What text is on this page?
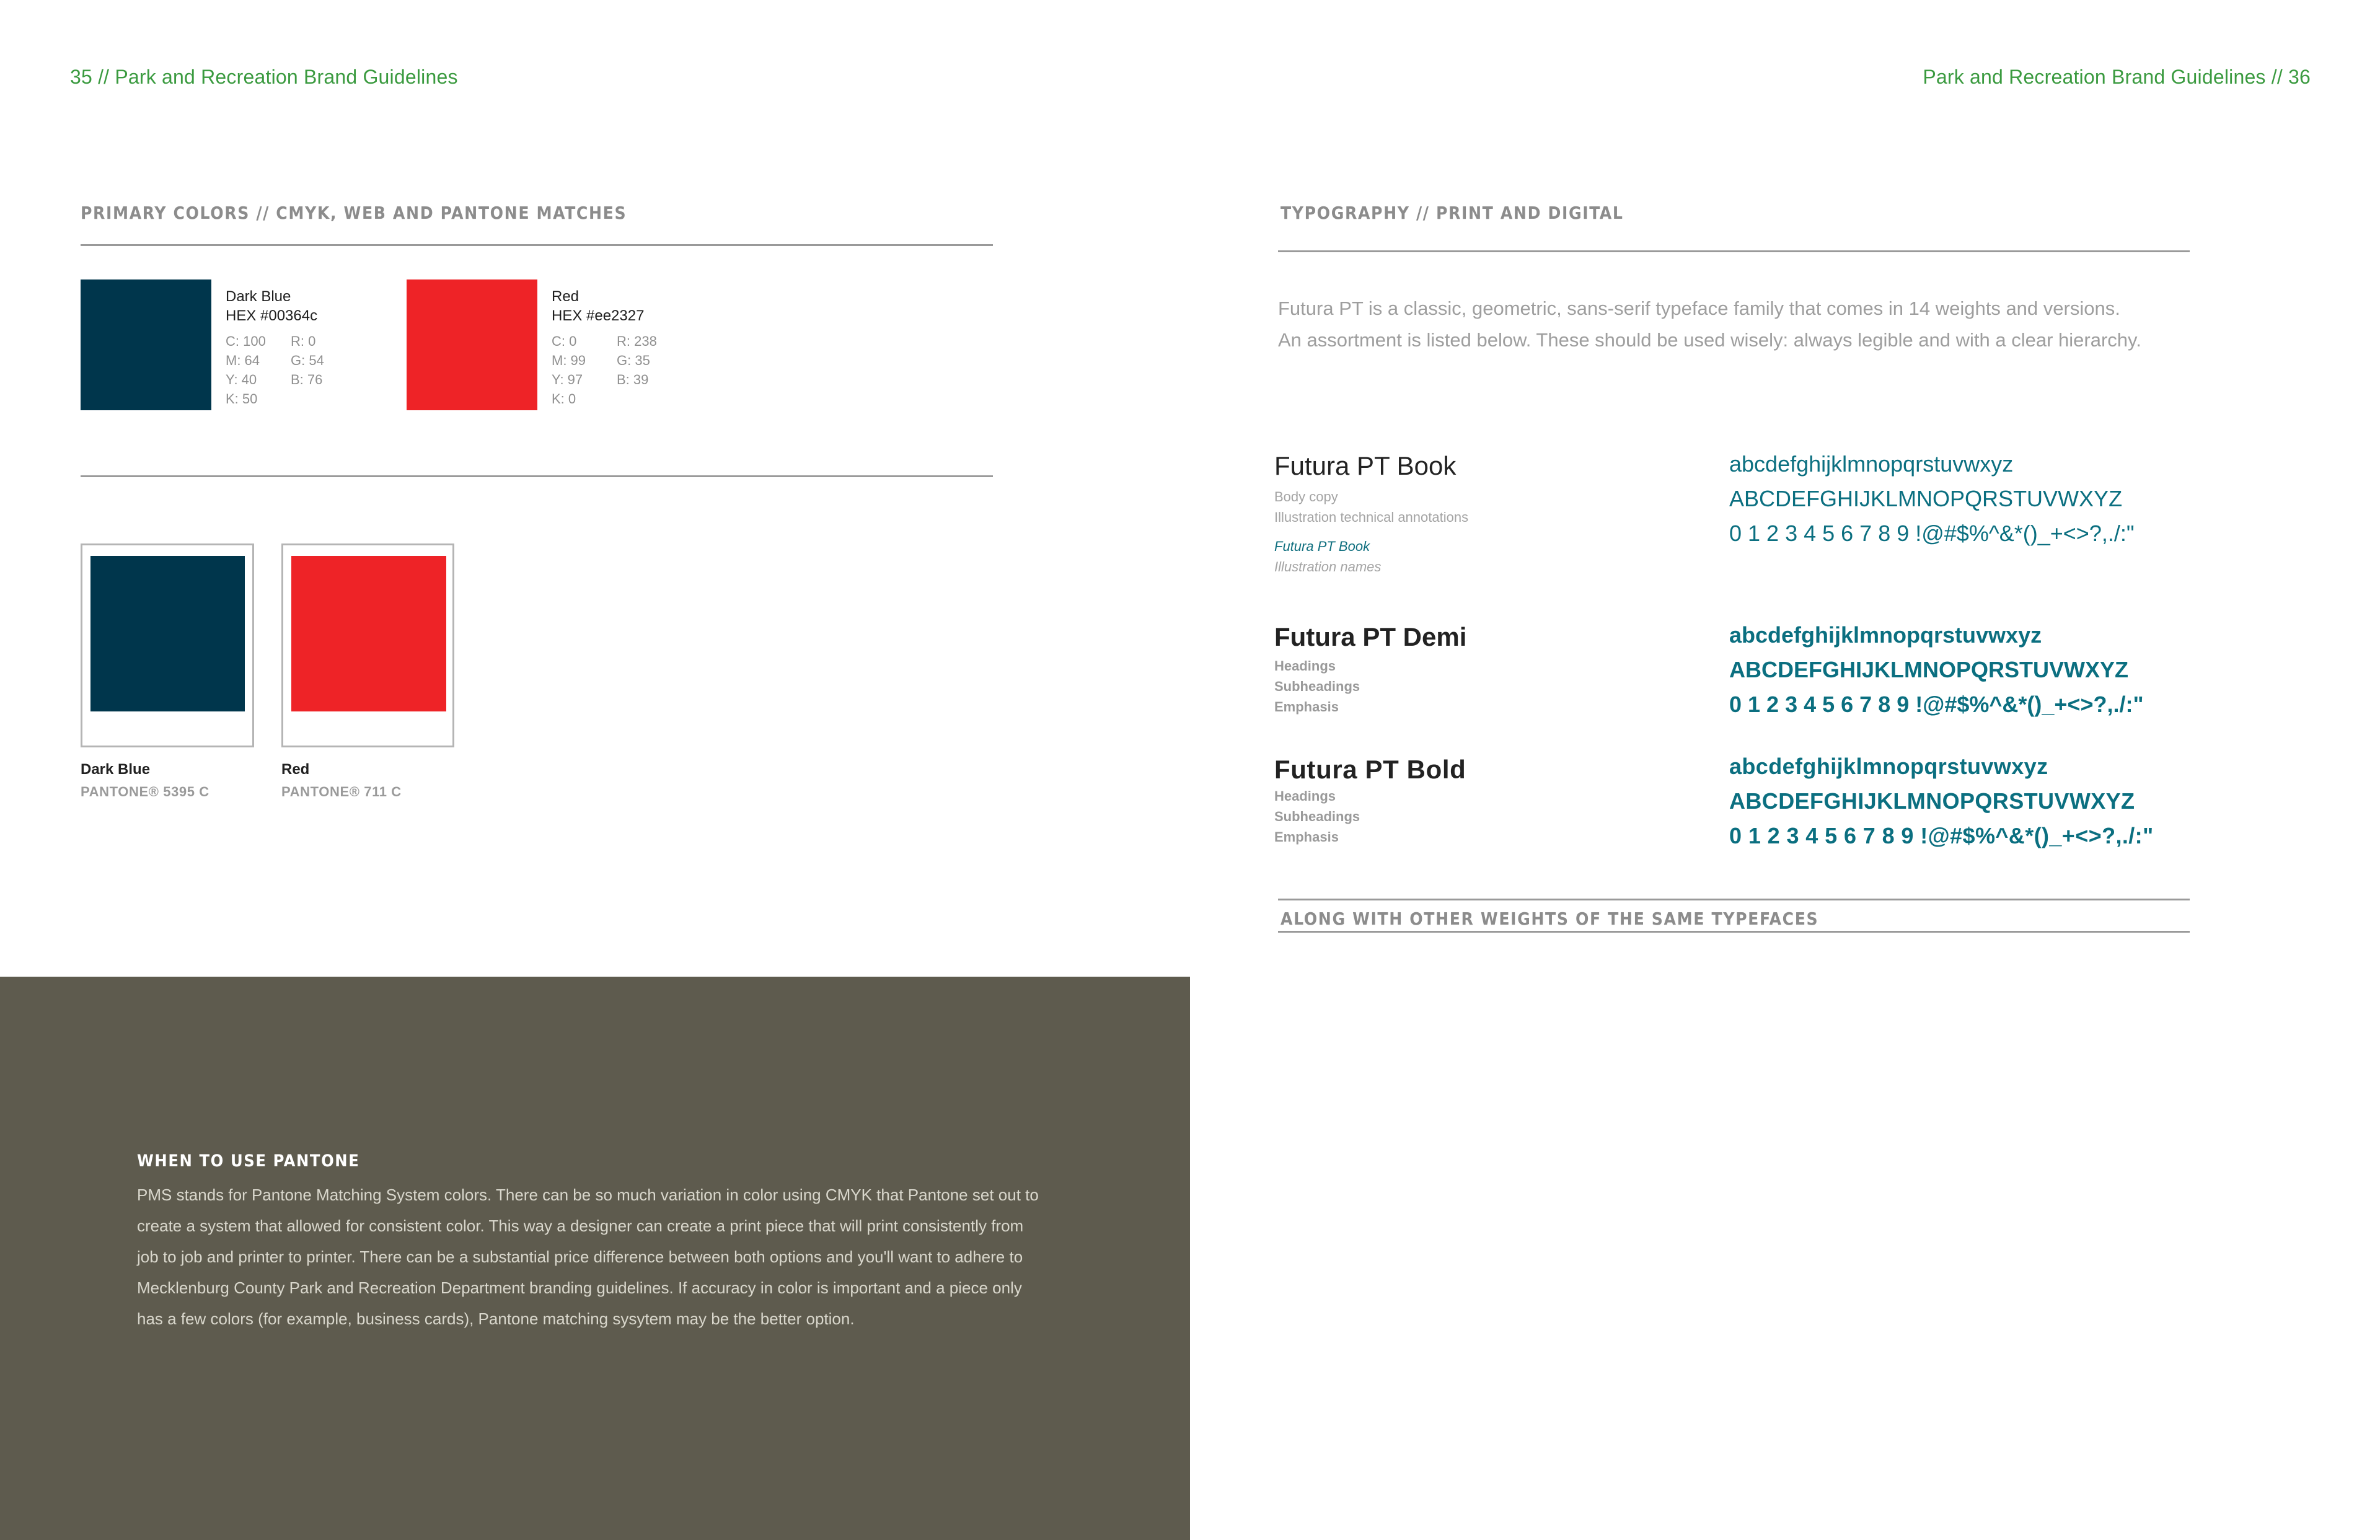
35 // Park and Recreation Brand Guidelines
PRIMARY COLORS // CMYK, WEB AND PANTONE MATCHES
Dark Blue
HEX #00364c
C: 100
M: 64
Y: 40
K: 50
R: 0
G: 54
B: 76
Red
HEX #ee2327
C: 0
M: 99
Y: 97
K: 0
R: 238
G: 35
B: 39
Dark Blue
PANTONE® 5395 C
Red
PANTONE® 711 C
WHEN TO USE PANTONE
PMS stands for Pantone Matching System colors. There can be so much variation in color using CMYK that Pantone set out to create a system that allowed for consistent color. This way a designer can create a print piece that will print consistently from job to job and printer to printer. There can be a substantial price difference between both options and you'll want to adhere to Mecklenburg County Park and Recreation Department branding guidelines. If accuracy in color is important and a piece only has a few colors (for example, business cards), Pantone matching sysytem may be the better option.
Park and Recreation Brand Guidelines // 36
TYPOGRAPHY // PRINT AND DIGITAL
Futura PT is a classic, geometric, sans-serif typeface family that comes in 14 weights and versions.
An assortment is listed below. These should be used wisely: always legible and with a clear hierarchy.
Futura PT Book
Body copy
Illustration technical annotations
Futura PT Book
Illustration names
abcdefghijklmnopqrstuvwxyz
ABCDEFGHIJKLMNOPQRSTUVWXYZ
0 1 2 3 4 5 6 7 8 9 !@#$%^&*()_+<>?,./:"
Futura PT Demi
Headings
Subheadings
Emphasis
abcdefghijklmnopqrstuvwxyz
ABCDEFGHIJKLMNOPQRSTUVWXYZ
0 1 2 3 4 5 6 7 8 9 !@#$%^&*()_+<>?,./:"
Futura PT Bold
Headings
Subheadings
Emphasis
abcdefghijklmnopqrstuvwxyz
ABCDEFGHIJKLMNOPQRSTUVWXYZ
0 1 2 3 4 5 6 7 8 9 !@#$%^&*()_+<>?,./:"
ALONG WITH OTHER WEIGHTS OF THE SAME TYPEFACES
